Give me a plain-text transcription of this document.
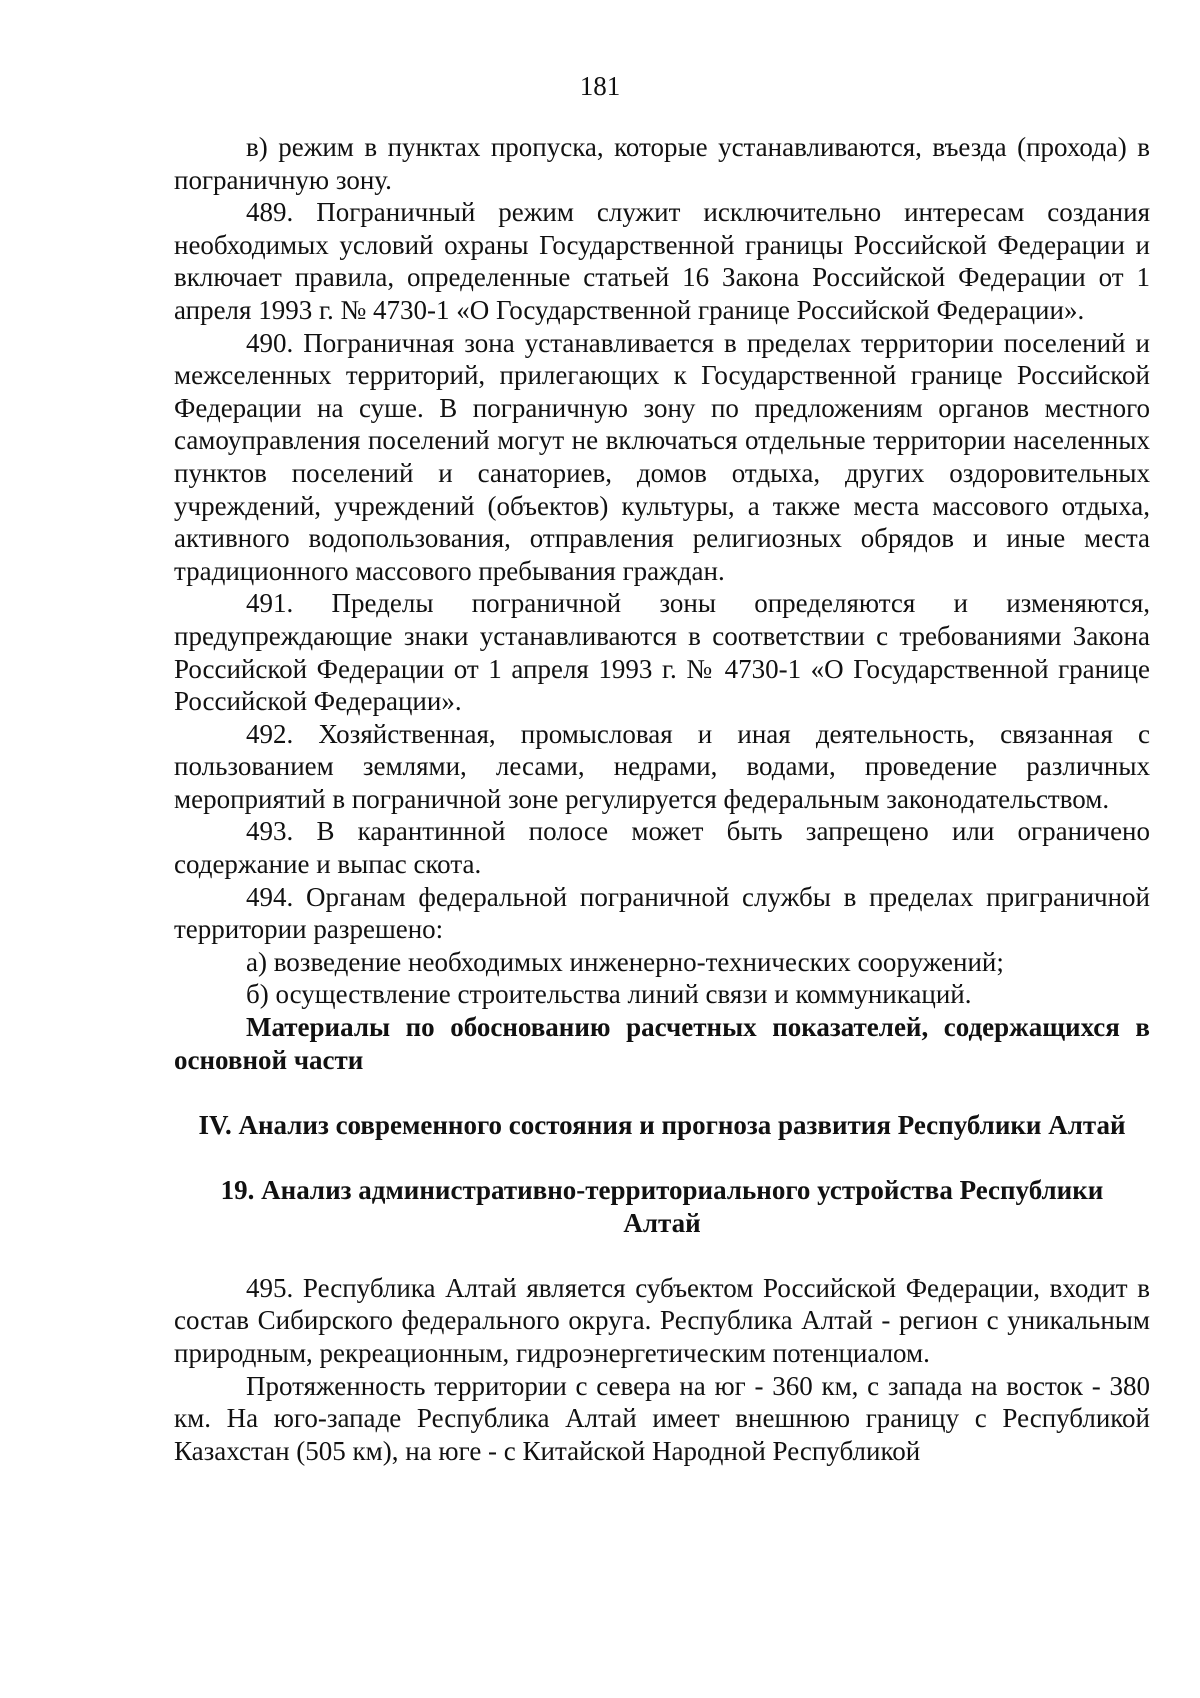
181

в) режим в пунктах пропуска, которые устанавливаются, въезда (прохода) в пограничную зону.

489. Пограничный режим служит исключительно интересам создания необходимых условий охраны Государственной границы Российской Федерации и включает правила, определенные статьей 16 Закона Российской Федерации от 1 апреля 1993 г. № 4730-1 «О Государственной границе Российской Федерации».

490. Пограничная зона устанавливается в пределах территории поселений и межселенных территорий, прилегающих к Государственной границе Российской Федерации на суше. В пограничную зону по предложениям органов местного самоуправления поселений могут не включаться отдельные территории населенных пунктов поселений и санаториев, домов отдыха, других оздоровительных учреждений, учреждений (объектов) культуры, а также места массового отдыха, активного водопользования, отправления религиозных обрядов и иные места традиционного массового пребывания граждан.

491. Пределы пограничной зоны определяются и изменяются, предупреждающие знаки устанавливаются в соответствии с требованиями Закона Российской Федерации от 1 апреля 1993 г. № 4730-1 «О Государственной границе Российской Федерации».

492. Хозяйственная, промысловая и иная деятельность, связанная с пользованием землями, лесами, недрами, водами, проведение различных мероприятий в пограничной зоне регулируется федеральным законодательством.

493. В карантинной полосе может быть запрещено или ограничено содержание и выпас скота.

494. Органам федеральной пограничной службы в пределах приграничной территории разрешено:

а) возведение необходимых инженерно-технических сооружений;

б) осуществление строительства линий связи и коммуникаций.

Материалы по обоснованию расчетных показателей, содержащихся в основной части

IV. Анализ современного состояния и прогноза развития Республики Алтай
19. Анализ административно-территориального устройства Республики Алтай

495. Республика Алтай является субъектом Российской Федерации, входит в состав Сибирского федерального округа. Республика Алтай - регион с уникальным природным, рекреационным, гидроэнергетическим потенциалом.

Протяженность территории с севера на юг - 360 км, с запада на восток - 380 км. На юго-западе Республика Алтай имеет внешнюю границу с Республикой Казахстан (505 км), на юге - с Китайской Народной Республикой
